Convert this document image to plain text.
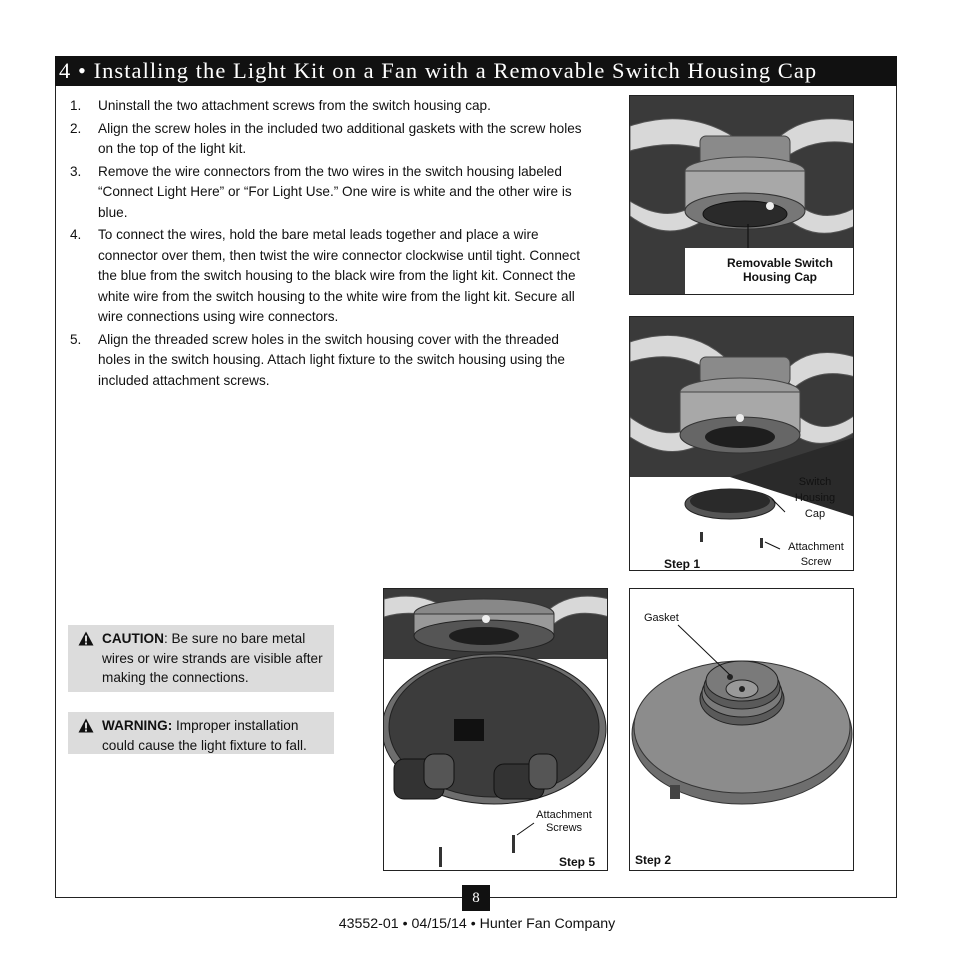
4 • Installing the Light Kit on a Fan with a Removable Switch Housing Cap
1. Uninstall the two attachment screws from the switch housing cap.
2. Align the screw holes in the included two additional gaskets with the screw holes on the top of the light kit.
3. Remove the wire connectors from the two wires in the switch housing labeled “Connect Light Here” or “For Light Use.” One wire is white and the other wire is blue.
4. To connect the wires, hold the bare metal leads together and place a wire connector over them, then twist the wire connector clockwise until tight. Connect the blue from the switch housing to the black wire from the light kit. Connect the white wire from the switch housing to the white wire from the light kit. Secure all wire connections using wire connectors.
5. Align the threaded screw holes in the switch housing cover with the threaded holes in the switch housing. Attach light fixture to the switch housing using the included attachment screws.
CAUTION: Be sure no bare metal wires or wire strands are visible after making the connections.
WARNING: Improper installation could cause the light fixture to fall.
Removable Switch
Housing Cap
Switch
Housing
Cap
Attachment
Screw
Step 1
Gasket
Step 2
Attachment
Screws
Step 5
8
43552-01 • 04/15/14 • Hunter Fan Company
